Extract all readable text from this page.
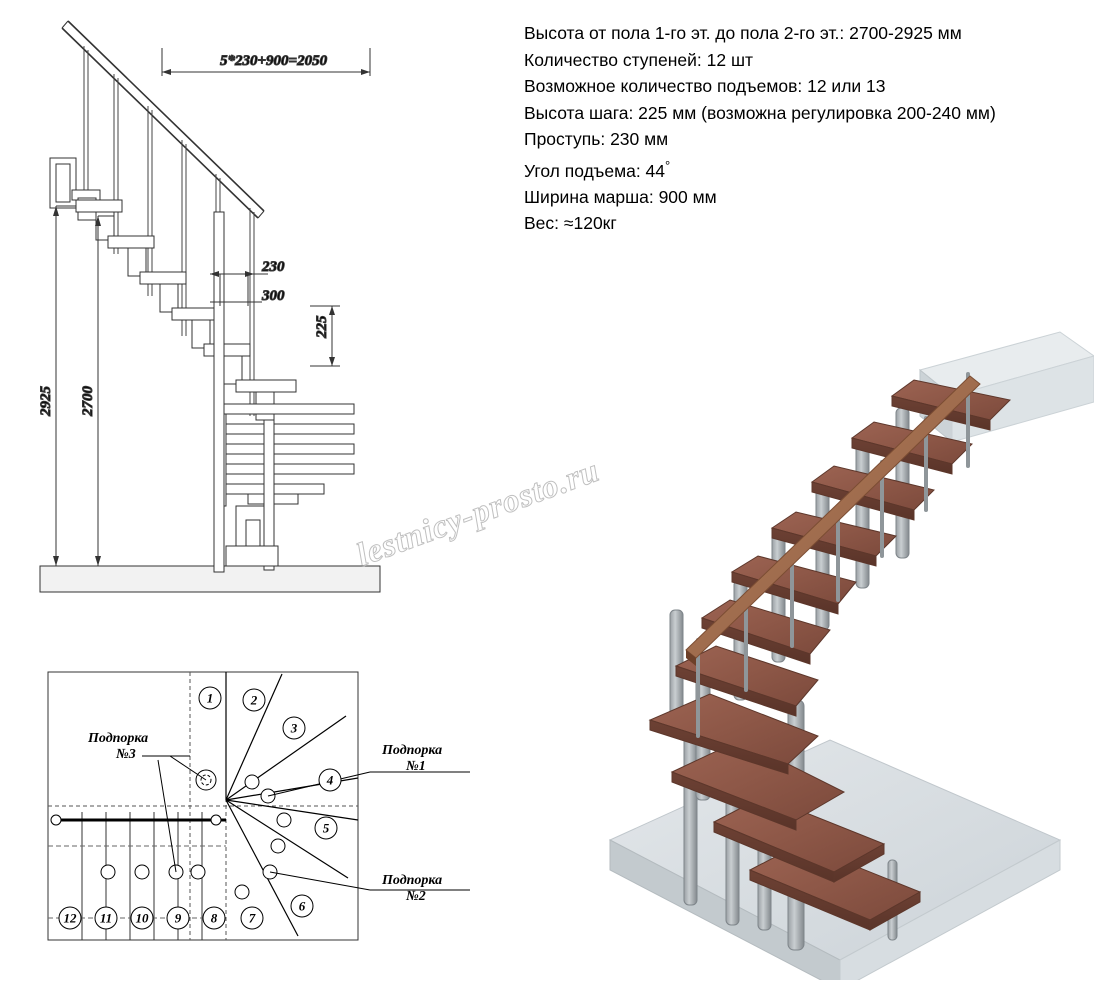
Высота от пола 1-го эт. до пола 2-го эт.: 2700-2925 мм
Количество ступеней: 12 шт
Возможное количество подъемов: 12 или 13
Высота шага: 225 мм (возможна регулировка 200-240 мм)
Проступь: 230 мм
Угол подъема: 44°
Ширина марша: 900 мм
Вес: ≈120кг
5*230+900=2050
2925 2700
230
300
225
1	2
3
4
5
6
7
8
9
10
11
12
Подпорка
№1
Подпорка
№2
Подпорка
№3
lestnicy-prosto.ru
